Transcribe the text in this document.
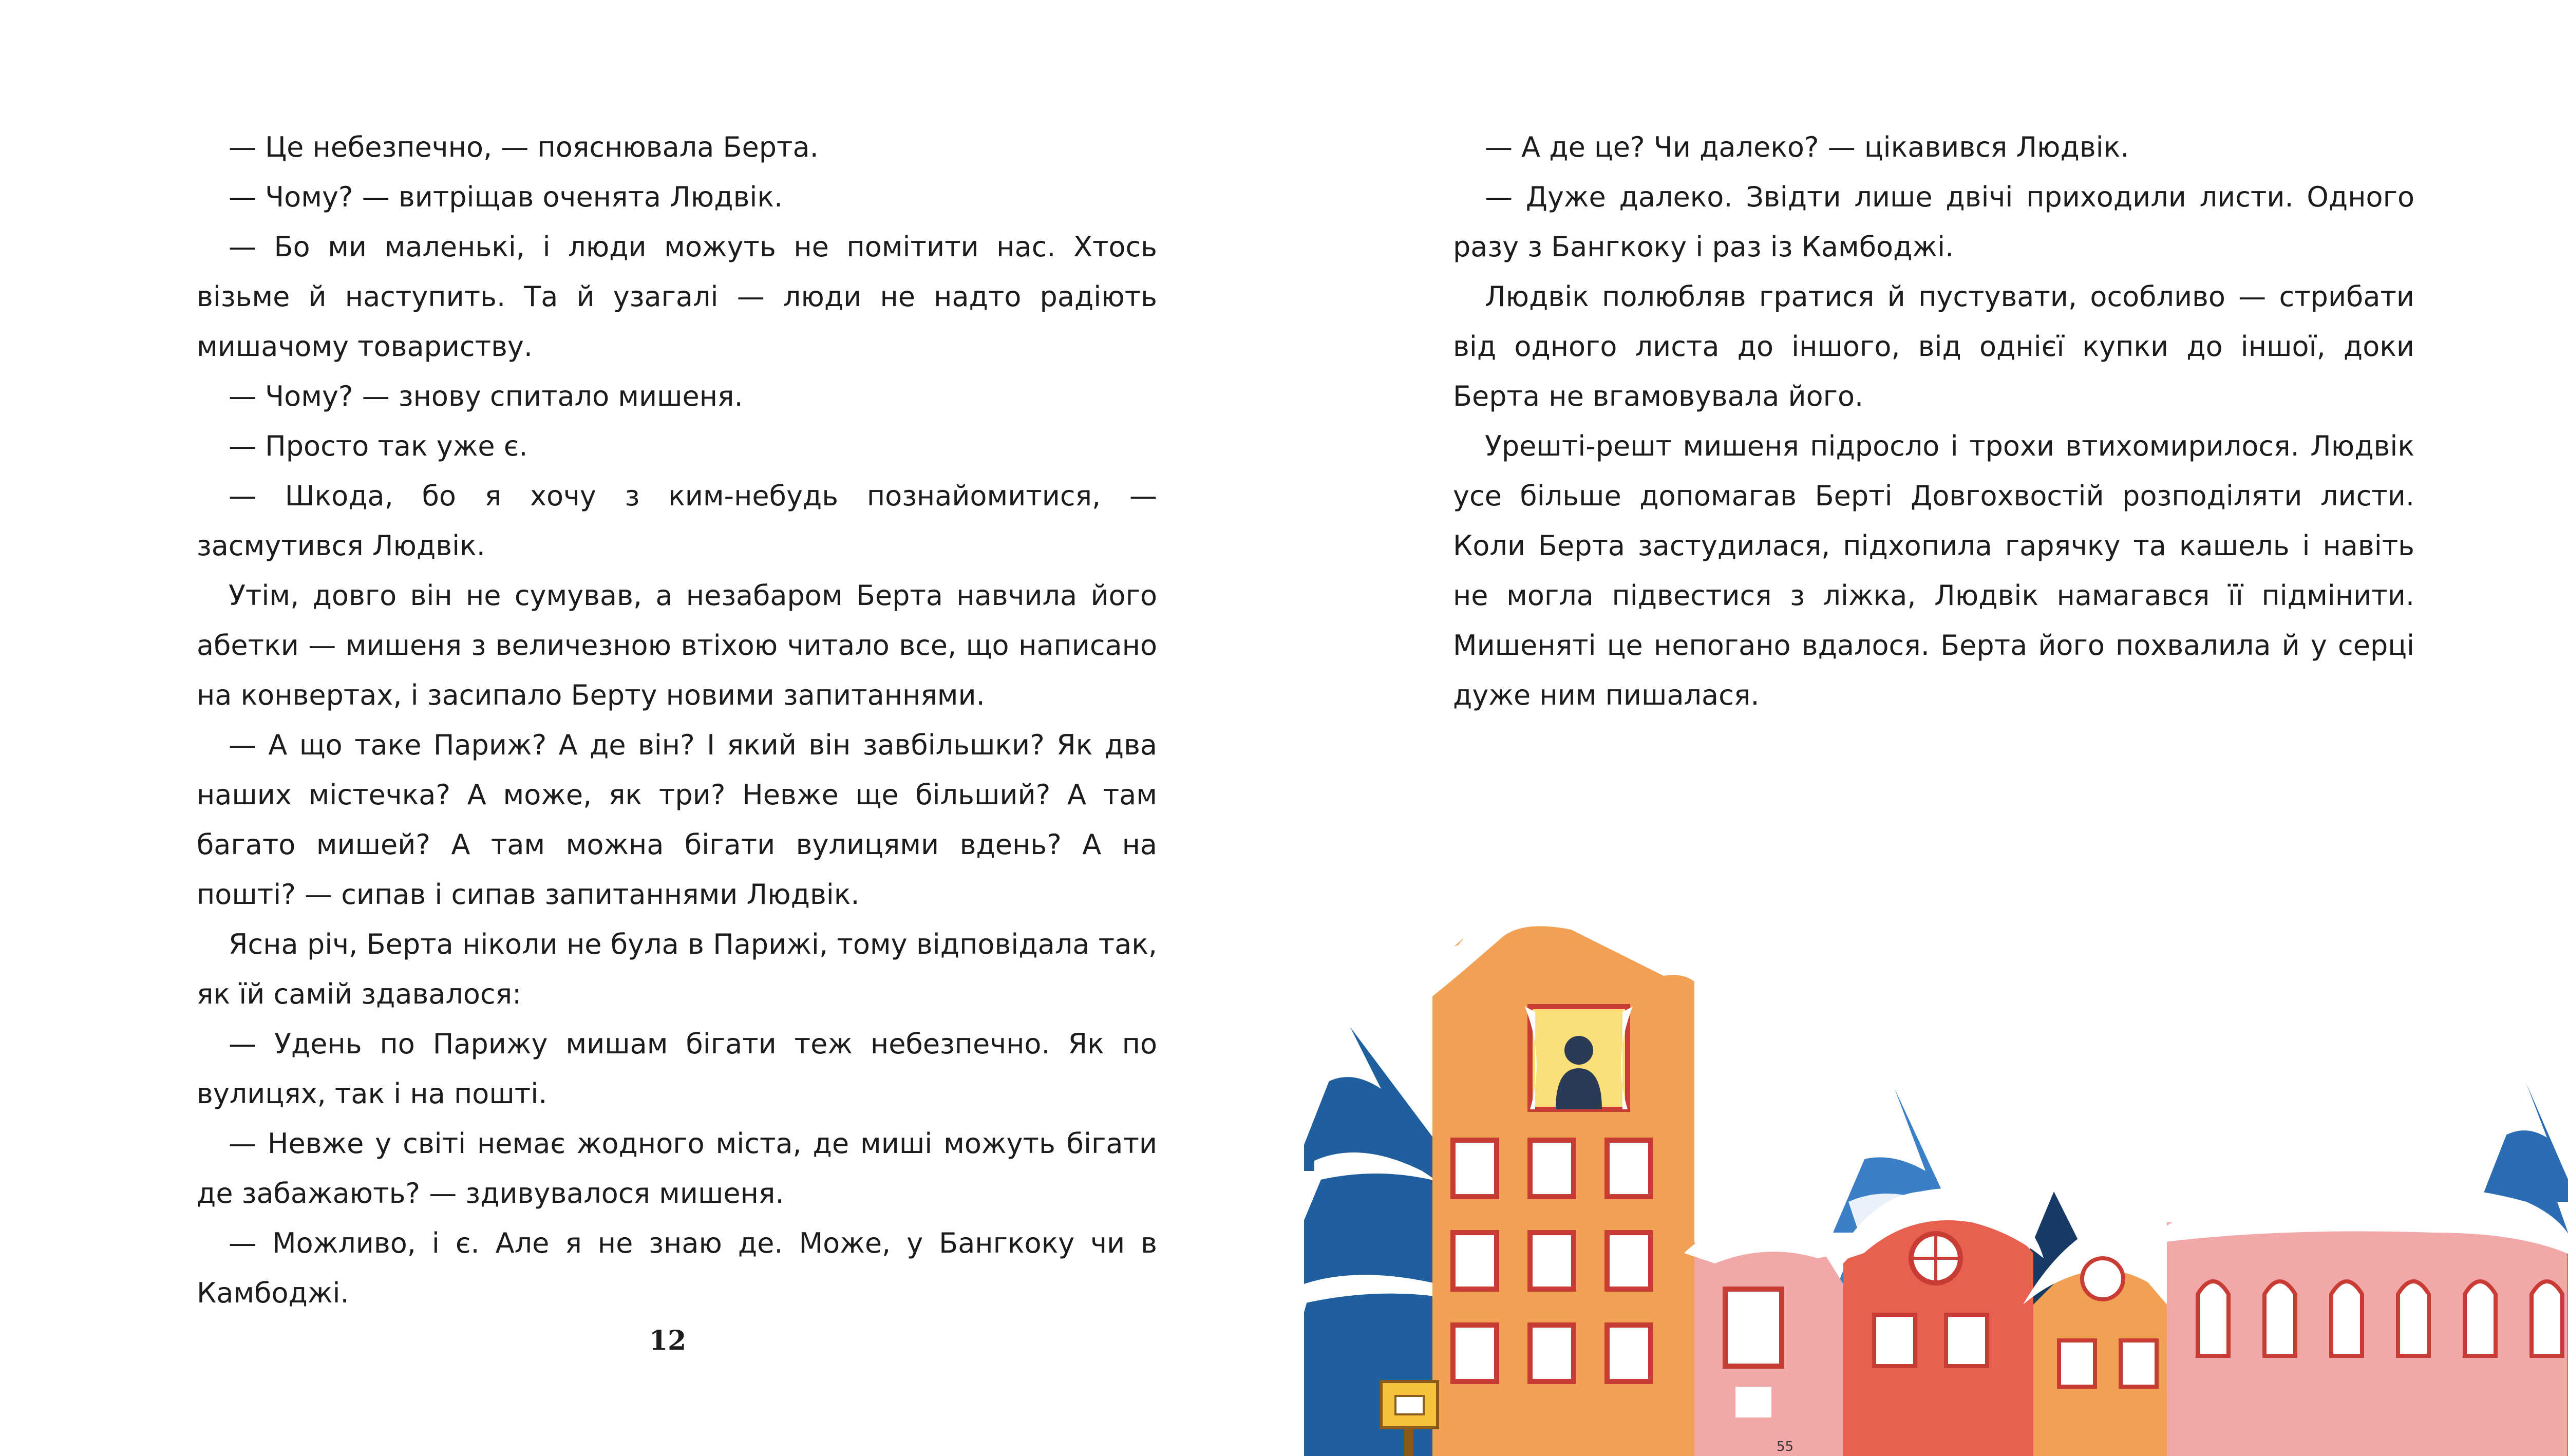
— Це небезпечно, — пояснювала Берта.

— Чому? — витріщав оченята Людвік.

— Бо ми маленькі, і люди можуть не помітити нас. Хтось візьме й наступить. Та й узагалі — люди не надто радіють мишачому товариству.

— Чому? — знову спитало мишеня.

— Просто так уже є.

— Шкода, бо я хочу з ким-небудь познайомитися, — засмутився Людвік.

Утім, довго він не сумував, а незабаром Берта навчила його абетки — мишеня з величезною втіхою читало все, що написано на конвертах, і засипало Берту новими запитаннями.

— А що таке Париж? А де він? І який він завбільшки? Як два наших містечка? А може, як три? Невже ще більший? А там багато мишей? А там можна бігати вулицями вдень? А на пошті? — сипав і сипав запитаннями Людвік.

Ясна річ, Берта ніколи не була в Парижі, тому відповідала так, як їй самій здавалося:

— Удень по Парижу мишам бігати теж небезпечно. Як по вулицях, так і на пошті.

— Невже у світі немає жодного міста, де миші можуть бігати де забажають? — здивувалося мишеня.

— Можливо, і є. Але я не знаю де. Може, у Бангкоку чи в Камбоджі.

12

— А де це? Чи далеко? — цікавився Людвік.

— Дуже далеко. Звідти лише двічі приходили листи. Одного разу з Бангкоку і раз із Камбоджі.

Людвік полюбляв гратися й пустувати, особливо — стрибати від одного листа до іншого, від однієї купки до іншої, доки Берта не вгамовувала його.

Урешті-решт мишеня підросло і трохи втихомирилося. Людвік усе більше допомагав Берті Довгохвостій розподіляти листи. Коли Берта застудилася, підхопила гарячку та кашель і навіть не могла підвестися з ліжка, Людвік намагався її підмінити. Мишеняті це непогано вдалося. Берта його похвалила й у серці дуже ним пишалася.

55
